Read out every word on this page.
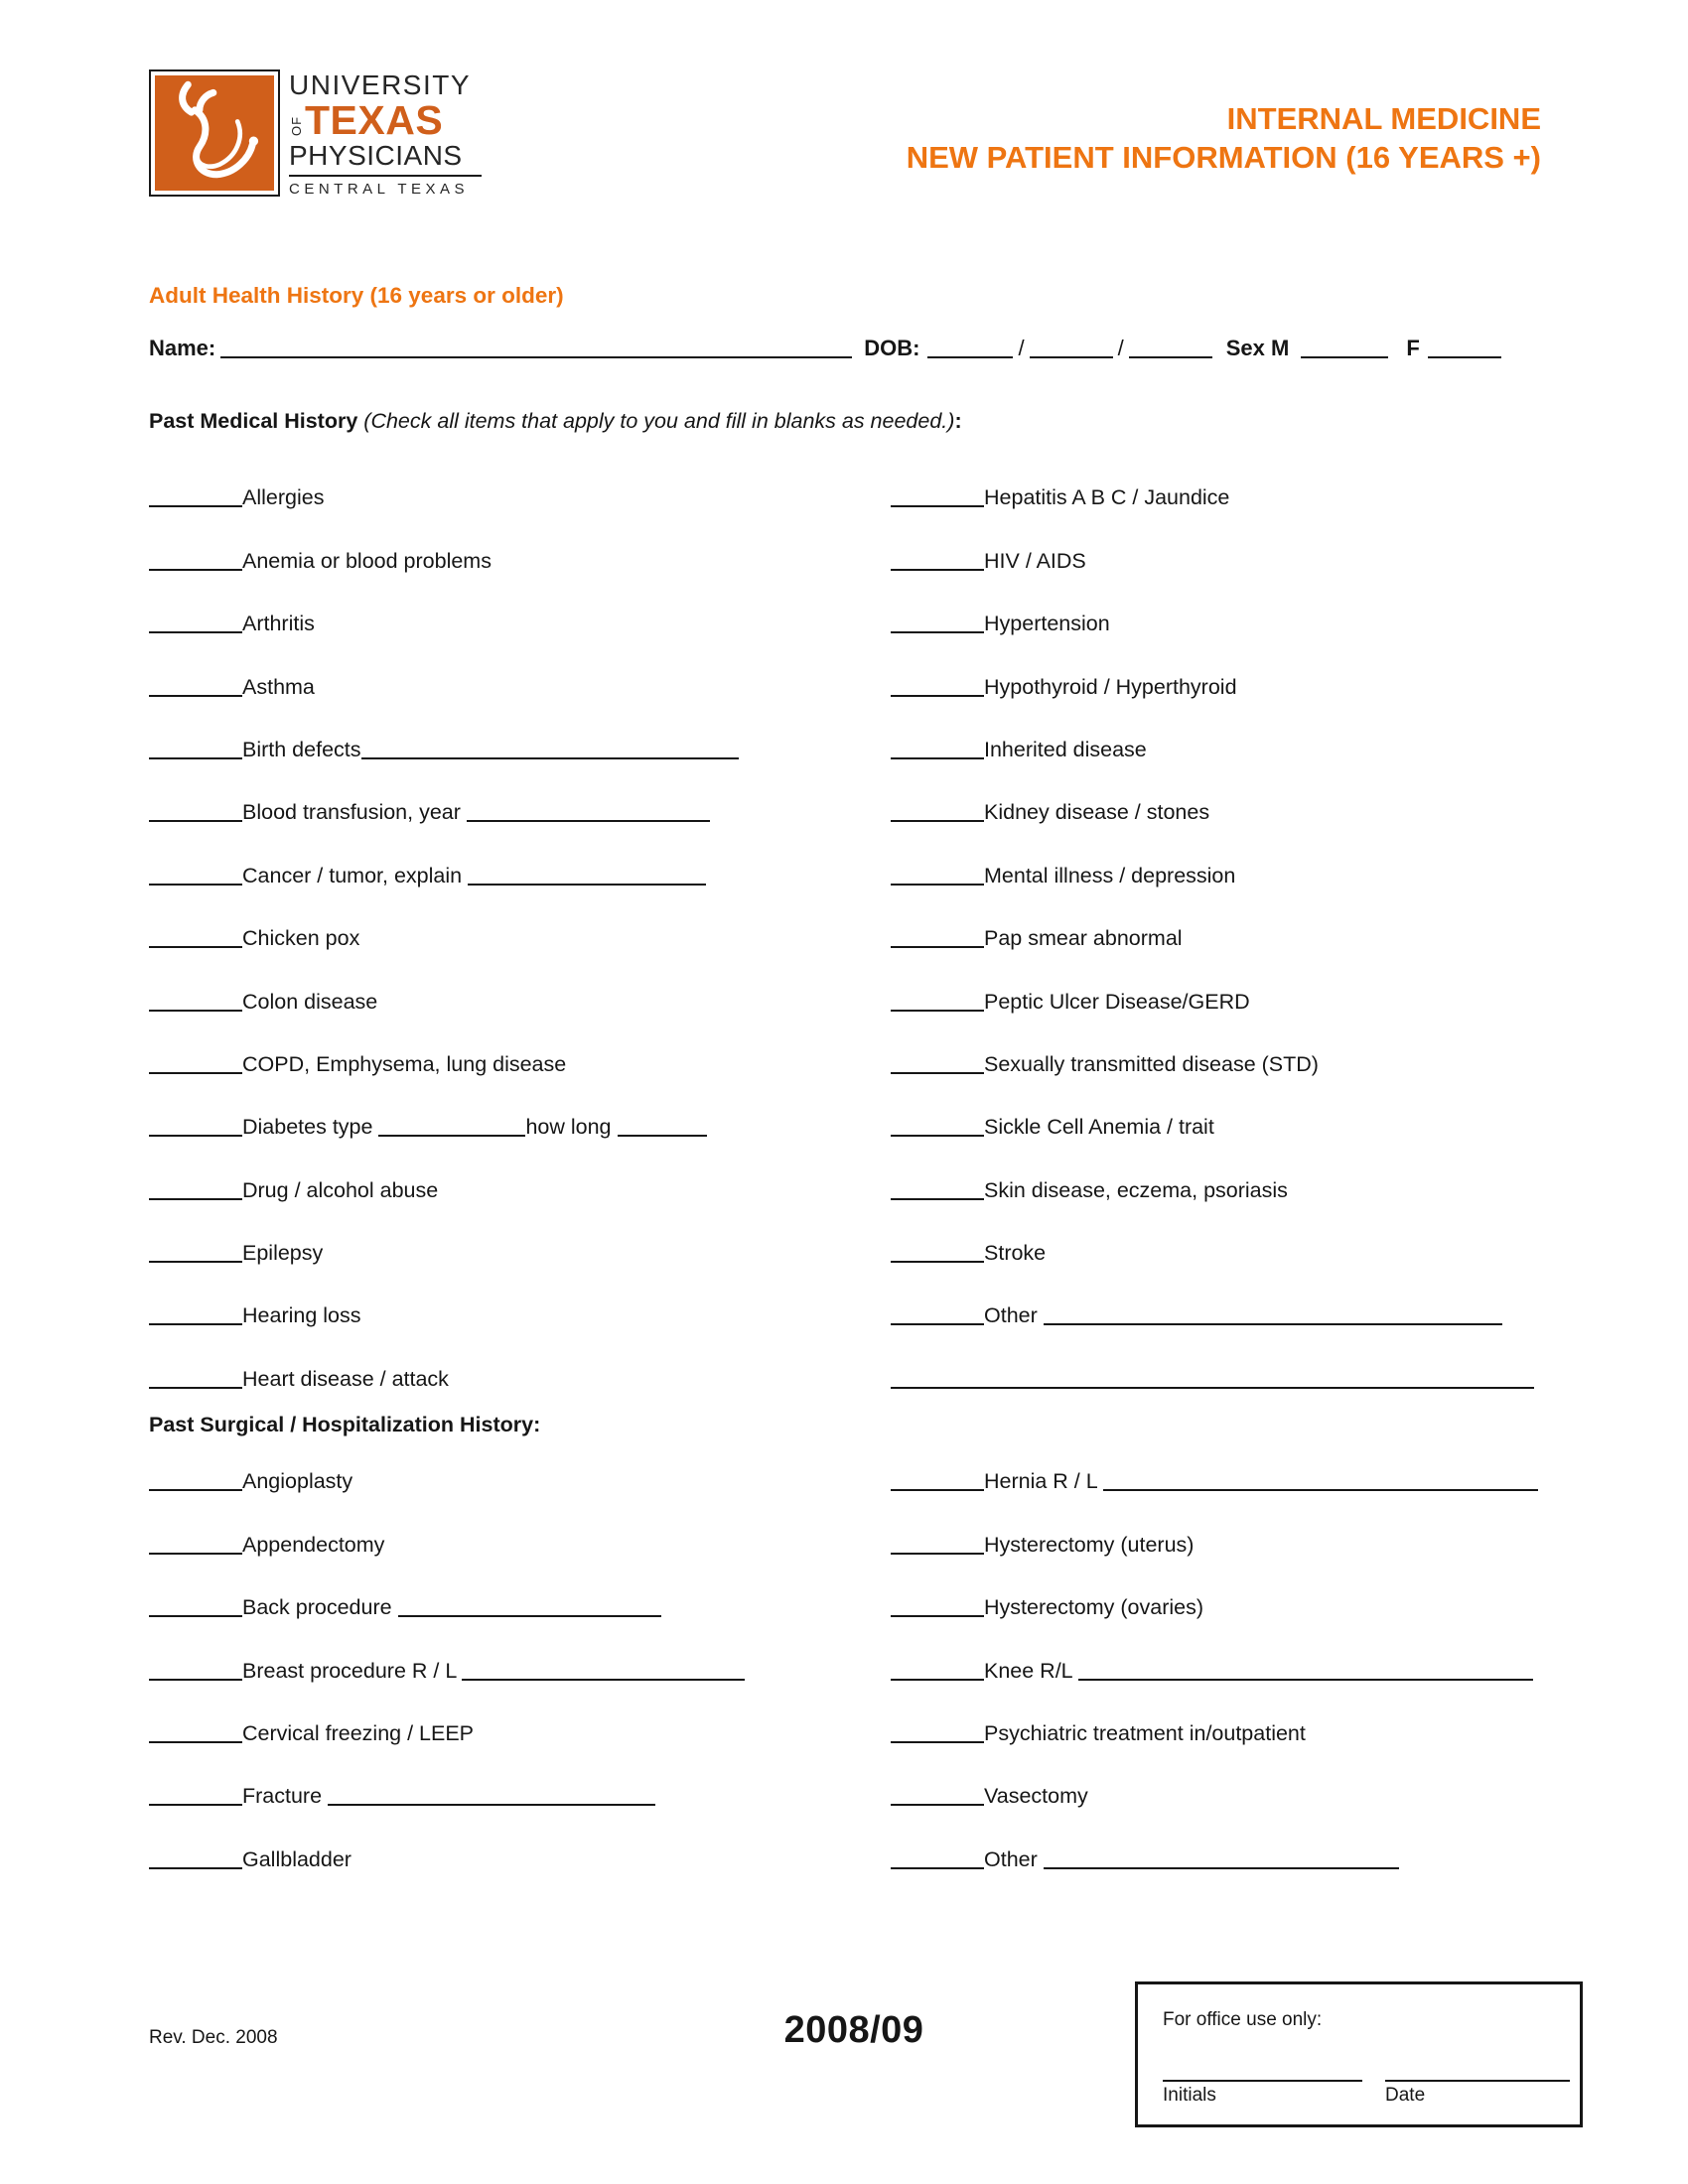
UNIVERSITY
OF TEXAS
PHYSICIANS
CENTRAL TEXAS
INTERNAL MEDICINE
NEW PATIENT INFORMATION (16 YEARS +)
Adult Health History (16 years or older)
Name:	DOB:	/	/	Sex M	F
Past Medical History (Check all items that apply to you and fill in blanks as needed.):
Allergies
Anemia or blood problems
Arthritis
Asthma
Birth defects
Blood transfusion, year
Cancer / tumor, explain
Chicken pox
Colon disease
COPD, Emphysema, lung disease
Diabetes type	how long
Drug / alcohol abuse
Epilepsy
Hearing loss
Heart disease / attack
Hepatitis A B C / Jaundice
HIV / AIDS
Hypertension
Hypothyroid / Hyperthyroid
Inherited disease
Kidney disease / stones
Mental illness / depression
Pap smear abnormal
Peptic Ulcer Disease/GERD
Sexually transmitted disease (STD)
Sickle Cell Anemia / trait
Skin disease, eczema, psoriasis
Stroke
Other
Past Surgical / Hospitalization History:
Angioplasty
Appendectomy
Back procedure
Breast procedure R / L
Cervical freezing / LEEP
Fracture
Gallbladder
Hernia R / L
Hysterectomy (uterus)
Hysterectomy (ovaries)
Knee R/L
Psychiatric treatment in/outpatient
Vasectomy
Other
Rev. Dec. 2008	2008/09	For office use only:
Initials	Date
